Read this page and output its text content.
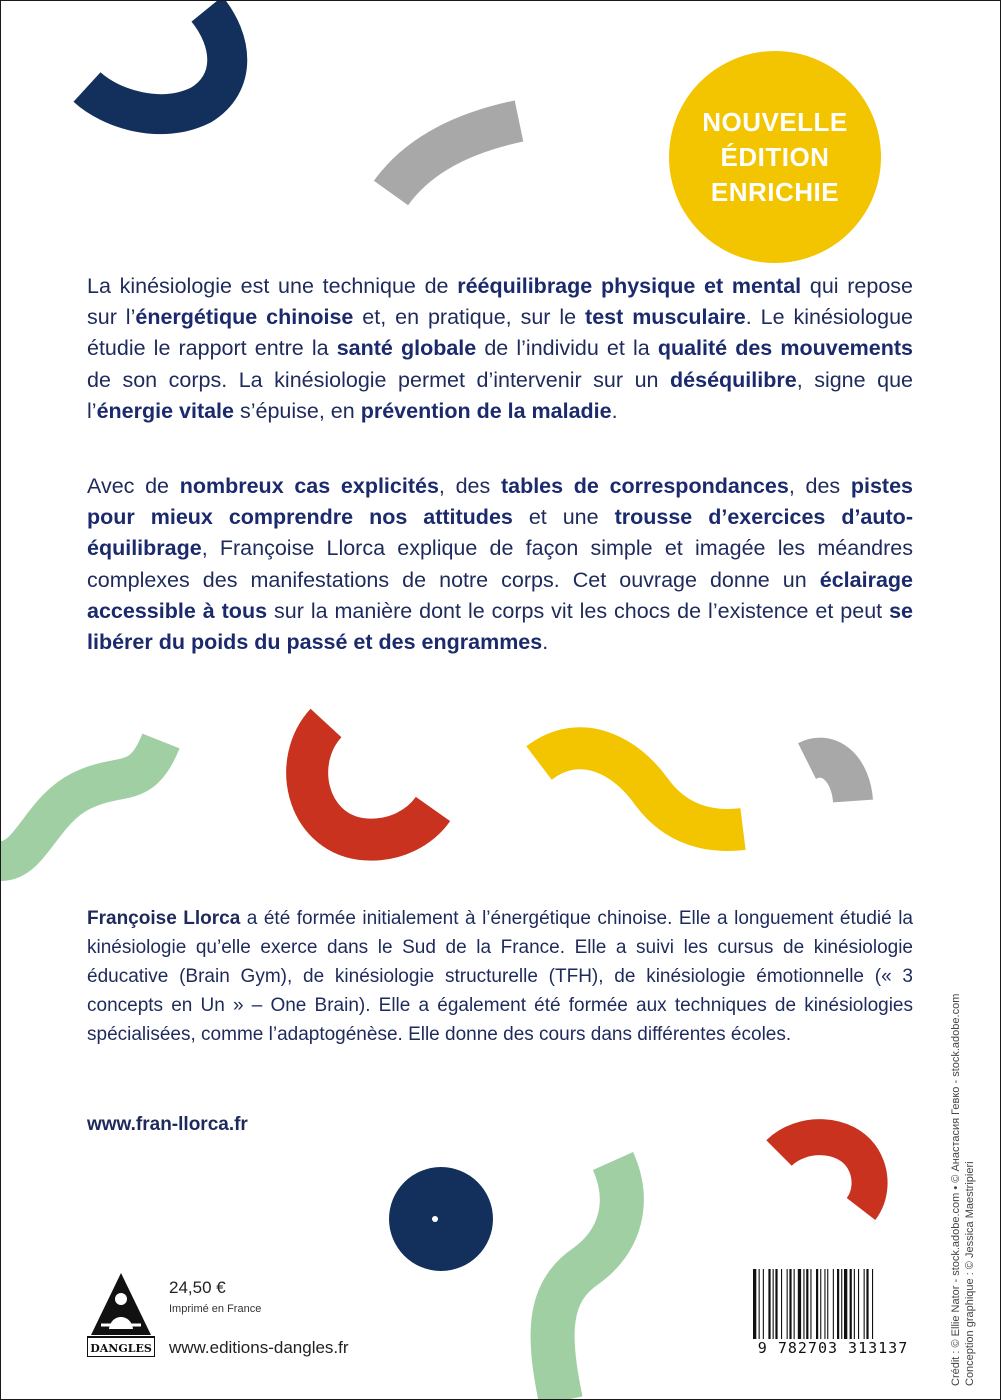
NOUVELLE
ÉDITION
ENRICHIE

La kinésiologie est une technique de rééquilibrage physique et mental qui repose sur l’énergétique chinoise et, en pratique, sur le test musculaire. Le kinésiologue étudie le rapport entre la santé globale de l’individu et la qualité des mouvements de son corps. La kinésiologie permet d’intervenir sur un déséquilibre, signe que l’énergie vitale s’épuise, en prévention de la maladie.

Avec de nombreux cas explicités, des tables de correspondances, des pistes pour mieux comprendre nos attitudes et une trousse d’exercices d’auto-équilibrage, Françoise Llorca explique de façon simple et imagée les méandres complexes des manifestations de notre corps. Cet ouvrage donne un éclairage accessible à tous sur la manière dont le corps vit les chocs de l’existence et peut se libérer du poids du passé et des engrammes.

Françoise Llorca a été formée initialement à l’énergétique chinoise. Elle a longuement étudié la kinésiologie qu’elle exerce dans le Sud de la France. Elle a suivi les cursus de kinésiologie éducative (Brain Gym), de kinésiologie structurelle (TFH), de kinésiologie émotionnelle (« 3 concepts en Un » – One Brain). Elle a également été formée aux techniques de kinésiologies spécialisées, comme l’adaptogénèse. Elle donne des cours dans différentes écoles.

www.fran-llorca.fr
DANGLES
24,50 €
Imprimé en France
www.editions-dangles.fr	9 782703 313137	Crédit : © Ellie Nator - stock.adobe.com • © Анастасия Гевко - stock.adobe.com Conception graphique : © Jessica Maestripieri
